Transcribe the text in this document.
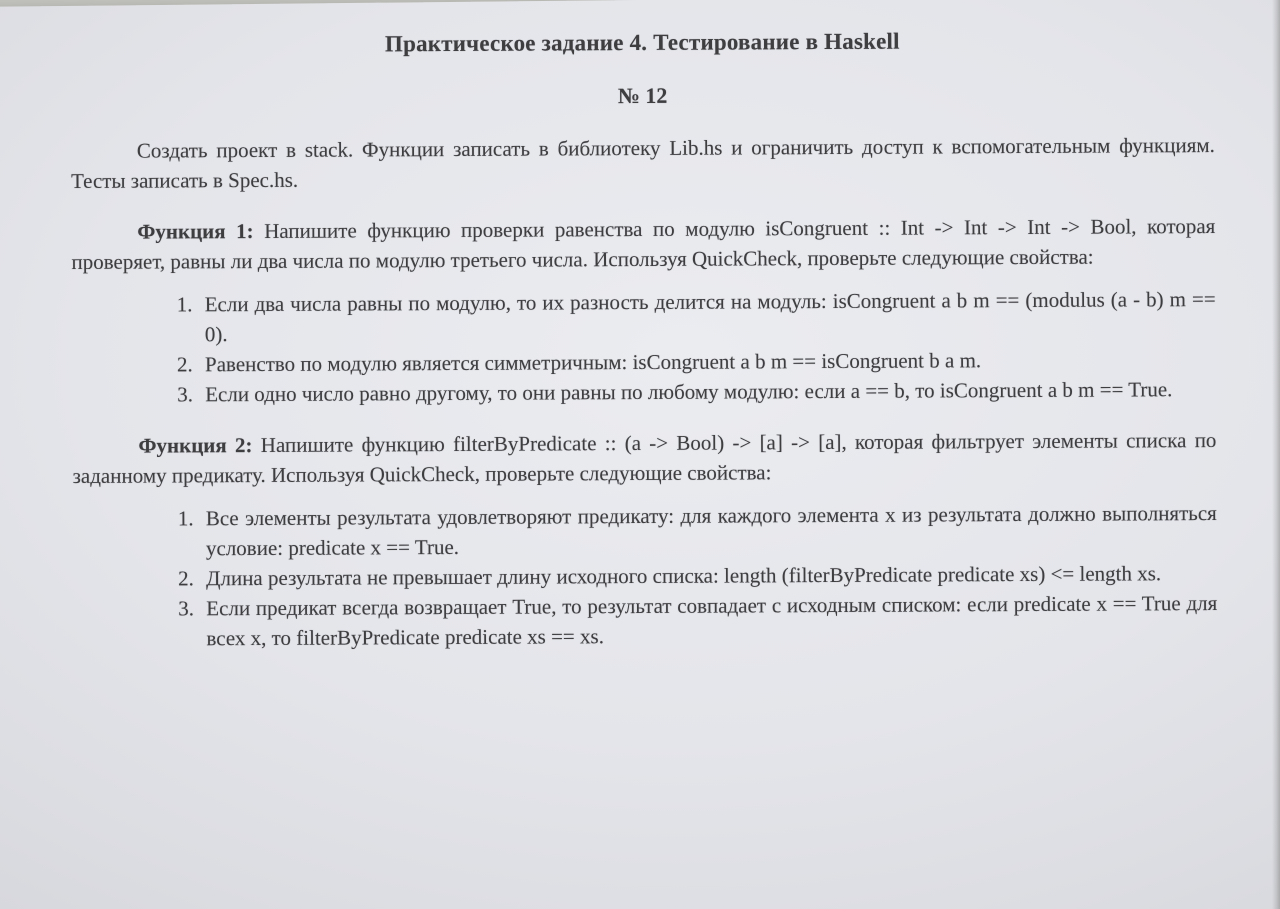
Практическое задание 4. Тестирование в Haskell
№ 12

Создать проект в stack. Функции записать в библиотеку Lib.hs и ограничить доступ к вспомогательным функциям. Тесты записать в Spec.hs.

Функция 1: Напишите функцию проверки равенства по модулю isCongruent :: Int -> Int -> Int -> Bool, которая проверяет, равны ли два числа по модулю третьего числа. Используя QuickCheck, проверьте следующие свойства:

Если два числа равны по модулю, то их разность делится на модуль: isCongruent a b m == (modulus (a - b) m == 0).
Равенство по модулю является симметричным: isCongruent a b m == isCongruent b a m.
Если одно число равно другому, то они равны по любому модулю: если a == b, то isCongruent a b m == True.

Функция 2: Напишите функцию filterByPredicate :: (a -> Bool) -> [a] -> [a], которая фильтрует элементы списка по заданному предикату. Используя QuickCheck, проверьте следующие свойства:

Все элементы результата удовлетворяют предикату: для каждого элемента x из результата должно выполняться условие: predicate x == True.
Длина результата не превышает длину исходного списка: length (filterByPredicate predicate xs) <= length xs.
Если предикат всегда возвращает True, то результат совпадает с исходным списком: если predicate x == True для всех x, то filterByPredicate predicate xs == xs.
